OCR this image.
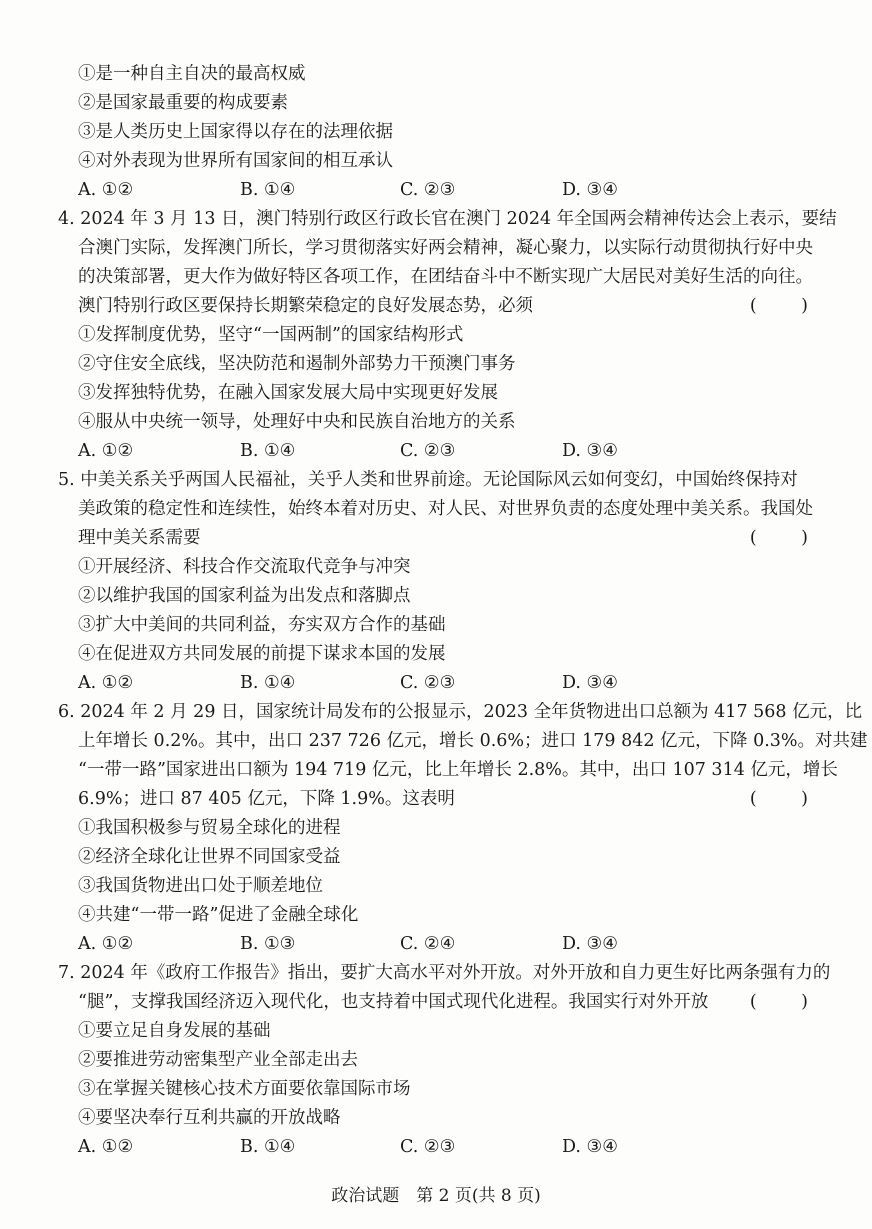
①是一种自主自决的最高权威
②是国家最重要的构成要素
③是人类历史上国家得以存在的法理依据
④对外表现为世界所有国家间的相互承认
A. ①②	B. ①④	C. ②③	D. ③④
4. 2024 年 3 月 13 日，澳门特别行政区行政长官在澳门 2024 年全国两会精神传达会上表示，要结
合澳门实际，发挥澳门所长，学习贯彻落实好两会精神，凝心聚力，以实际行动贯彻执行好中央
的决策部署，更大作为做好特区各项工作，在团结奋斗中不断实现广大居民对美好生活的向往。
澳门特别行政区要保持长期繁荣稳定的良好发展态势，必须	(        )
①发挥制度优势，坚守“一国两制”的国家结构形式
②守住安全底线，坚决防范和遏制外部势力干预澳门事务
③发挥独特优势，在融入国家发展大局中实现更好发展
④服从中央统一领导，处理好中央和民族自治地方的关系
A. ①②	B. ①④	C. ②③	D. ③④
5. 中美关系关乎两国人民福祉，关乎人类和世界前途。无论国际风云如何变幻，中国始终保持对
美政策的稳定性和连续性，始终本着对历史、对人民、对世界负责的态度处理中美关系。我国处
理中美关系需要	(        )
①开展经济、科技合作交流取代竞争与冲突
②以维护我国的国家利益为出发点和落脚点
③扩大中美间的共同利益，夯实双方合作的基础
④在促进双方共同发展的前提下谋求本国的发展
A. ①②	B. ①④	C. ②③	D. ③④
6. 2024 年 2 月 29 日，国家统计局发布的公报显示，2023 全年货物进出口总额为 417 568 亿元，比
上年增长 0.2%。其中，出口 237 726 亿元，增长 0.6%；进口 179 842 亿元，下降 0.3%。对共建
“一带一路”国家进出口额为 194 719 亿元，比上年增长 2.8%。其中，出口 107 314 亿元，增长
6.9%；进口 87 405 亿元，下降 1.9%。这表明	(        )
①我国积极参与贸易全球化的进程
②经济全球化让世界不同国家受益
③我国货物进出口处于顺差地位
④共建“一带一路”促进了金融全球化
A. ①②	B. ①③	C. ②④	D. ③④
7. 2024 年《政府工作报告》指出，要扩大高水平对外开放。对外开放和自力更生好比两条强有力的
“腿”，支撑我国经济迈入现代化，也支持着中国式现代化进程。我国实行对外开放 (        )
①要立足自身发展的基础
②要推进劳动密集型产业全部走出去
③在掌握关键核心技术方面要依靠国际市场
④要坚决奉行互利共赢的开放战略
A. ①②	B. ①④	C. ②③	D. ③④
政治试题　第 2 页(共 8 页)
